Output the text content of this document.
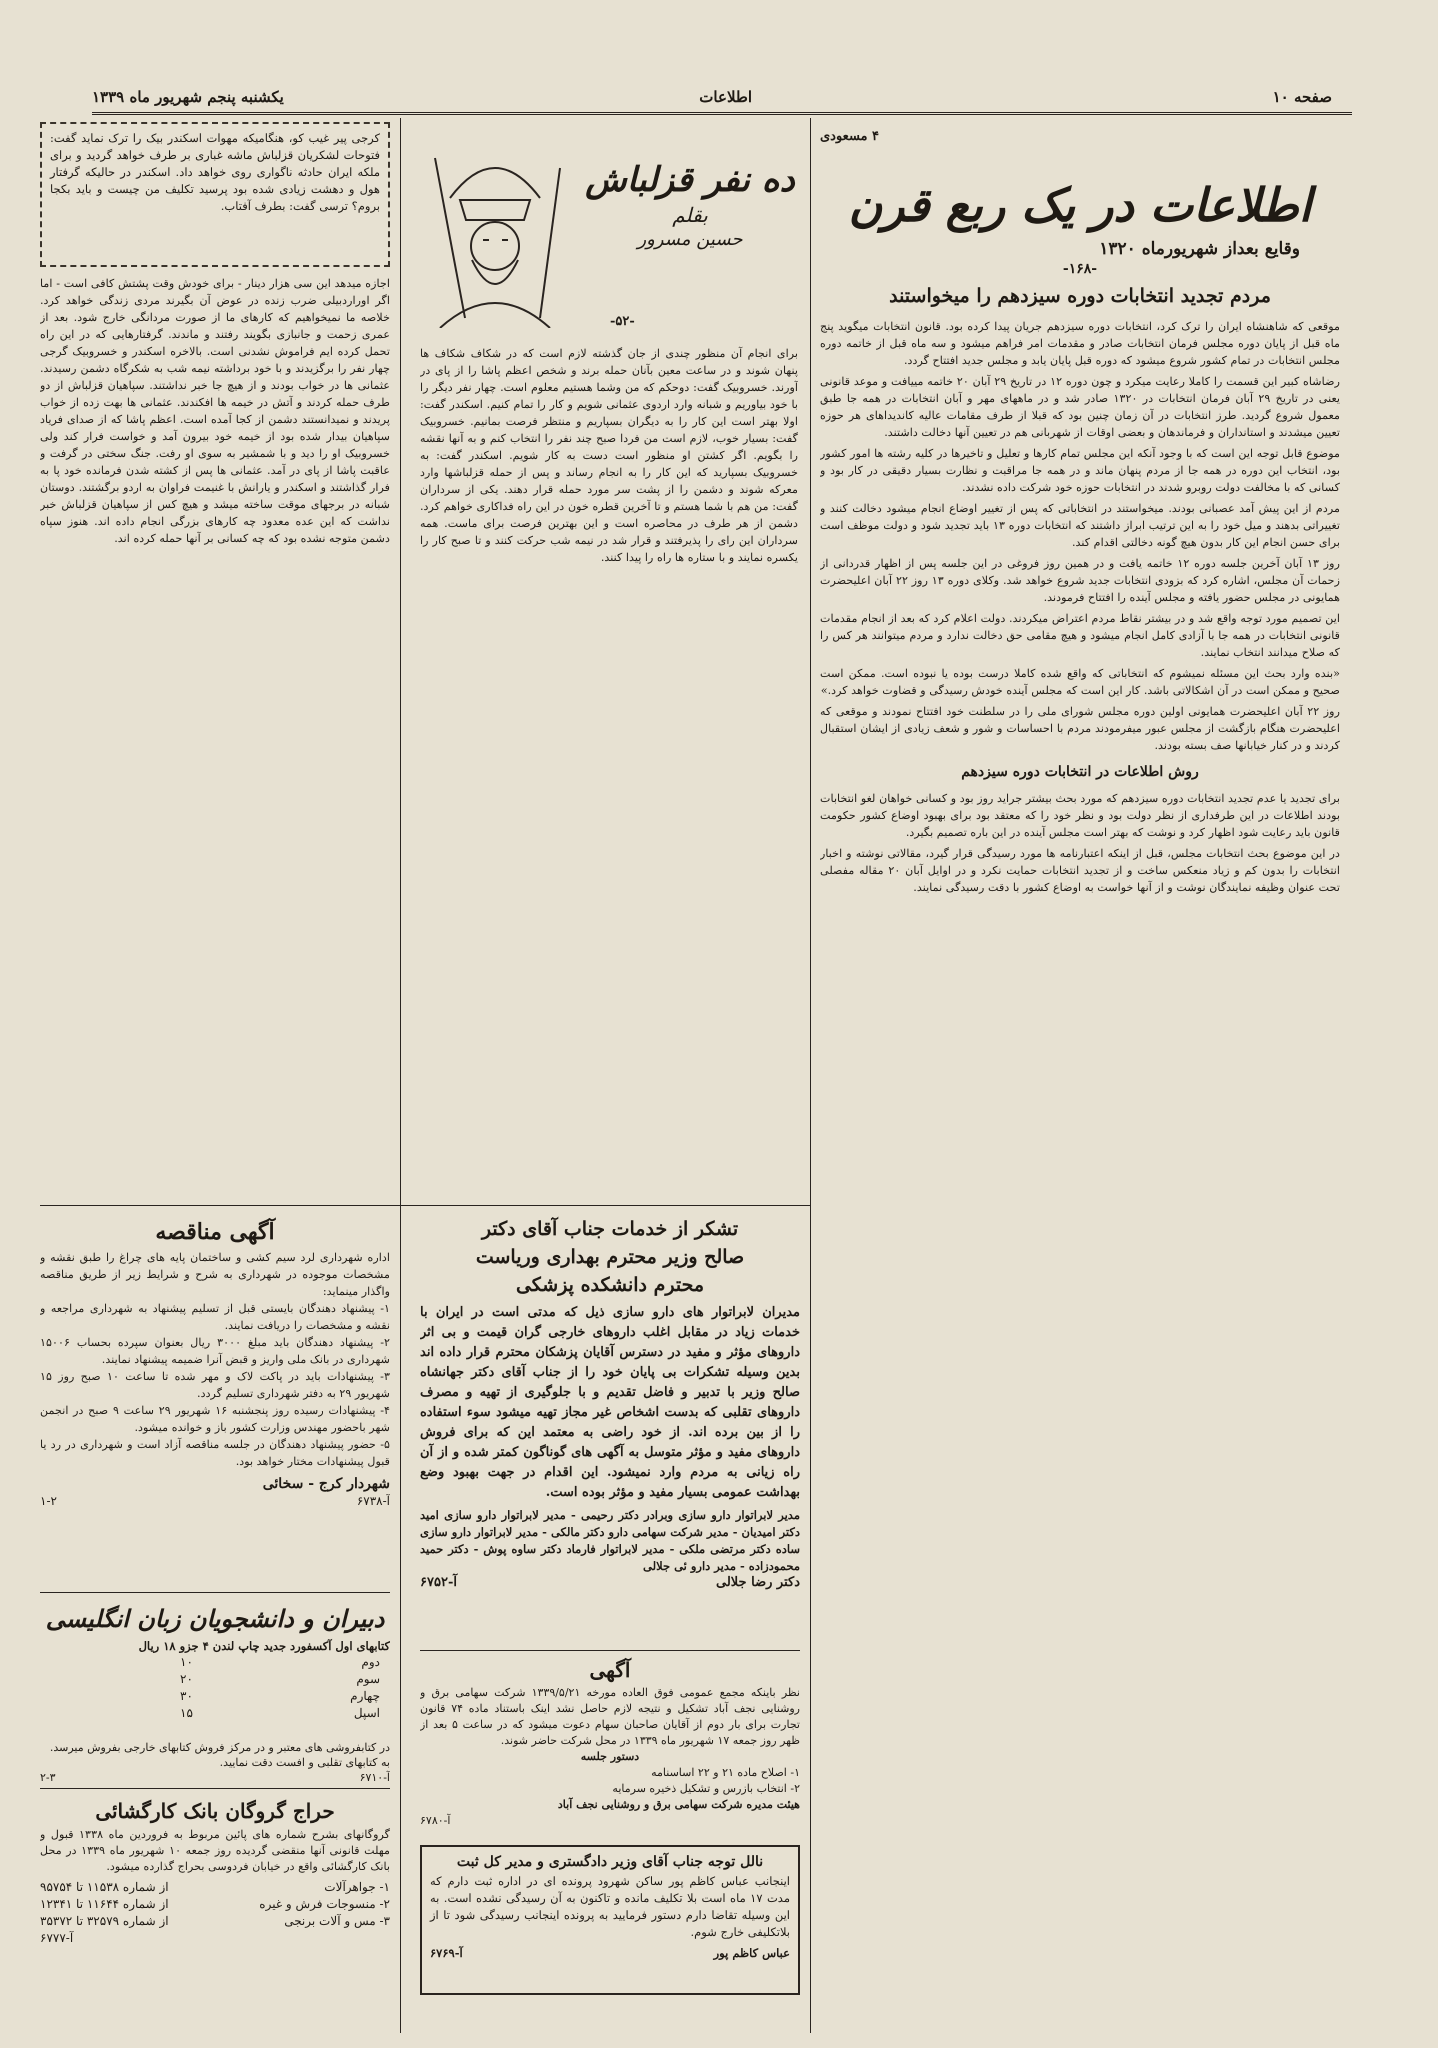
صفحه ۱۰
اطلاعات
یکشنبه پنجم شهریور ماه ۱۳۳۹
۴ مسعودی
اطلاعات در یک ربع قرن
وقایع بعداز شهریورماه ۱۳۲۰
-۱۶۸-
مردم تجدید انتخابات دوره سیزدهم را میخواستند

موقعی که شاهنشاه ایران را ترک کرد، انتخابات دوره سیزدهم جریان پیدا کرده بود. قانون انتخابات میگوید پنج ماه قبل از پایان دوره مجلس فرمان انتخابات صادر و مقدمات امر فراهم میشود و سه ماه قبل از خاتمه دوره مجلس انتخابات در تمام کشور شروع میشود که دوره قبل پایان یابد و مجلس جدید افتتاح گردد.

رضاشاه کبیر این قسمت را کاملا رعایت میکرد و چون دوره ۱۲ در تاریخ ۲۹ آبان ۲۰ خاتمه مییافت و موعد قانونی یعنی در تاریخ ۲۹ آبان فرمان انتخابات در ۱۳۲۰ صادر شد و در ماههای مهر و آبان انتخابات در همه جا طبق معمول شروع گردید. طرز انتخابات در آن زمان چنین بود که قبلا از طرف مقامات عالیه کاندیداهای هر حوزه تعیین میشدند و استانداران و فرماندهان و بعضی اوقات از شهربانی هم در تعیین آنها دخالت داشتند.

موضوع قابل توجه این است که با وجود آنکه این مجلس تمام کارها و تعلیل و تاخیرها در کلیه رشته ها امور کشور بود، انتخاب این دوره در همه جا از مردم پنهان ماند و در همه جا مراقبت و نظارت بسیار دقیقی در کار بود و کسانی که با مخالفت دولت روبرو شدند در انتخابات حوزه خود شرکت داده نشدند.

مردم از این پیش آمد عصبانی بودند. میخواستند در انتخاباتی که پس از تغییر اوضاع انجام میشود دخالت کنند و تغییراتی بدهند و میل خود را به این ترتیب ابراز داشتند که انتخابات دوره ۱۳ باید تجدید شود و دولت موظف است برای حسن انجام این کار بدون هیچ گونه دخالتی اقدام کند.

روز ۱۳ آبان آخرین جلسه دوره ۱۲ خاتمه یافت و در همین روز فروغی در این جلسه پس از اظهار قدردانی از زحمات آن مجلس، اشاره کرد که بزودی انتخابات جدید شروع خواهد شد. وکلای دوره ۱۳ روز ۲۲ آبان اعلیحضرت همایونی در مجلس حضور یافته و مجلس آینده را افتتاح فرمودند.

این تصمیم مورد توجه واقع شد و در بیشتر نقاط مردم اعتراض میکردند. دولت اعلام کرد که بعد از انجام مقدمات قانونی انتخابات در همه جا با آزادی کامل انجام میشود و هیچ مقامی حق دخالت ندارد و مردم میتوانند هر کس را که صلاح میدانند انتخاب نمایند.

«بنده وارد بحث این مسئله نمیشوم که انتخاباتی که واقع شده کاملا درست بوده یا نبوده است. ممکن است صحیح و ممکن است در آن اشکالاتی باشد. کار این است که مجلس آینده خودش رسیدگی و قضاوت خواهد کرد.»

روز ۲۲ آبان اعلیحضرت همایونی اولین دوره مجلس شورای ملی را در سلطنت خود افتتاح نمودند و موقعی که اعلیحضرت هنگام بازگشت از مجلس عبور میفرمودند مردم با احساسات و شور و شعف زیادی از ایشان استقبال کردند و در کنار خیابانها صف بسته بودند.

روش اطلاعات در انتخابات دوره سیزدهم

برای تجدید یا عدم تجدید انتخابات دوره سیزدهم که مورد بحث بیشتر جراید روز بود و کسانی خواهان لغو انتخابات بودند اطلاعات در این طرفداری از نظر دولت بود و نظر خود را که معتقد بود برای بهبود اوضاع کشور حکومت قانون باید رعایت شود اظهار کرد و نوشت که بهتر است مجلس آینده در این باره تصمیم بگیرد.

در این موضوع بحث انتخابات مجلس، قبل از اینکه اعتبارنامه ها مورد رسیدگی قرار گیرد، مقالاتی نوشته و اخبار انتخابات را بدون کم و زیاد منعکس ساخت و از تجدید انتخابات حمایت نکرد و در اوایل آبان ۲۰ مقاله مفصلی تحت عنوان وظیفه نمایندگان نوشت و از آنها خواست به اوضاع کشور با دقت رسیدگی نمایند.

ده نفر قزلباش
بقلم
حسین مسرور
-۵۲-
برای انجام آن منظور چندی از جان گذشته لازم است که در شکاف شکاف ها پنهان شوند و در ساعت معین بآنان حمله برند و شخص اعظم پاشا را از پای در آورند. خسروبیک گفت: دوحکم که من وشما هستیم معلوم است. چهار نفر دیگر را با خود بیاوریم و شبانه وارد اردوی عثمانی شویم و کار را تمام کنیم. اسکندر گفت: اولا بهتر است این کار را به دیگران بسپاریم و منتظر فرصت بمانیم. خسروبیک گفت: بسیار خوب، لازم است من فردا صبح چند نفر را انتخاب کنم و به آنها نقشه را بگویم. اگر کشتن او منظور است دست به کار شویم. اسکندر گفت: به خسروبیک بسپارید که این کار را به انجام رساند و پس از حمله قزلباشها وارد معرکه شوند و دشمن را از پشت سر مورد حمله قرار دهند. یکی از سرداران گفت: من هم با شما هستم و تا آخرین قطره خون در این راه فداکاری خواهم کرد. دشمن از هر طرف در محاصره است و این بهترین فرصت برای ماست. همه سرداران این رای را پذیرفتند و قرار شد در نیمه شب حرکت کنند و تا صبح کار را یکسره نمایند و با ستاره ها راه را پیدا کنند.
کرجی پیر غیب کو، هنگامیکه مهوات اسکندر بیک را ترک نماید گفت: فتوحات لشکریان قزلباش ماشه غباری بر طرف خواهد گردید و برای ملکه ایران حادثه ناگواری روی خواهد داد. اسکندر در حالیکه گرفتار هول و دهشت زیادی شده بود پرسید تکلیف من چیست و باید بکجا بروم؟ ترسی گفت: بطرف آفتاب.
اجازه میدهد این سی هزار دینار - برای خودش وقت پشتش کافی است - اما اگر اوراردبیلی ضرب زنده در عوض آن بگیرند مردی زندگی خواهد کرد. خلاصه ما نمیخواهیم که کارهای ما از صورت مردانگی خارج شود. بعد از عمری زحمت و جانبازی بگویند رفتند و ماندند. گرفتارهایی که در این راه تحمل کرده ایم فراموش نشدنی است. بالاخره اسکندر و خسروبیک گرجی چهار نفر را برگزیدند و با خود برداشته نیمه شب به شکرگاه دشمن رسیدند. عثمانی ها در خواب بودند و از هیچ جا خبر نداشتند. سپاهیان قزلباش از دو طرف حمله کردند و آتش در خیمه ها افکندند. عثمانی ها بهت زده از خواب پریدند و نمیدانستند دشمن از کجا آمده است. اعظم پاشا که از صدای فریاد سپاهیان بیدار شده بود از خیمه خود بیرون آمد و خواست فرار کند ولی خسروبیک او را دید و با شمشیر به سوی او رفت. جنگ سختی در گرفت و عاقبت پاشا از پای در آمد. عثمانی ها پس از کشته شدن فرمانده خود پا به فرار گذاشتند و اسکندر و یارانش با غنیمت فراوان به اردو برگشتند. دوستان شبانه در برجهای موقت ساخته میشد و هیچ کس از سپاهیان قزلباش خبر نداشت که این عده معدود چه کارهای بزرگی انجام داده اند. هنوز سپاه دشمن متوجه نشده بود که چه کسانی بر آنها حمله کرده اند.
آگهی مناقصه
اداره شهرداری لرد سیم کشی و ساختمان پایه های چراغ را طبق نقشه و مشخصات موجوده در شهرداری به شرح و شرایط زیر از طریق مناقصه واگذار مینماید:
۱- پیشنهاد دهندگان بایستی قبل از تسلیم پیشنهاد به شهرداری مراجعه و نقشه و مشخصات را دریافت نمایند.
۲- پیشنهاد دهندگان باید مبلغ ۳۰۰۰ ریال بعنوان سپرده بحساب ۱۵۰۰۶ شهرداری در بانک ملی واریز و قبض آنرا ضمیمه پیشنهاد نمایند.
۳- پیشنهادات باید در پاکت لاک و مهر شده تا ساعت ۱۰ صبح روز ۱۵ شهریور ۲۹ به دفتر شهرداری تسلیم گردد.
۴- پیشنهادات رسیده روز پنجشنبه ۱۶ شهریور ۲۹ ساعت ۹ صبح در انجمن شهر باحضور مهندس وزارت کشور باز و خوانده میشود.
۵- حضور پیشنهاد دهندگان در جلسه مناقصه آزاد است و شهرداری در رد یا قبول پیشنهادات مختار خواهد بود.
شهردار کرج - سخائی
آ-۶۷۳۸
۱-۲
تشکر از خدمات جناب آقای دکتر
صالح وزیر محترم بهداری وریاست
محترم دانشکده پزشکی
مدیران لابراتوار های دارو سازی ذیل که مدتی است در ایران با خدمات زیاد در مقابل اغلب داروهای خارجی گران قیمت و بی اثر داروهای مؤثر و مفید در دسترس آقایان پزشکان محترم قرار داده اند بدین وسیله تشکرات بی پایان خود را از جناب آقای دکتر جهانشاه صالح وزیر با تدبیر و فاضل تقدیم و با جلوگیری از تهیه و مصرف داروهای تقلبی که بدست اشخاص غیر مجاز تهیه میشود سوء استفاده را از بین برده اند. از خود راضی به معتمد این که برای فروش داروهای مفید و مؤثر متوسل به آگهی های گوناگون کمتر شده و از آن راه زیانی به مردم وارد نمیشود. این اقدام در جهت بهبود وضع بهداشت عمومی بسیار مفید و مؤثر بوده است.
مدیر لابراتوار دارو سازی وبرادر دکتر رحیمی - مدیر لابراتوار دارو سازی امید دکتر امیدیان - مدیر شرکت سهامی دارو دکتر مالکی - مدیر لابراتوار دارو سازی ساده دکتر مرتضی ملکی - مدیر لابراتوار فارماد دکتر ساوه پوش - دکتر حمید محمودزاده - مدیر دارو ئی جلالی
دکتر رضا جلالی
آ-۶۷۵۲
دبیران و دانشجویان زبان انگلیسی
کتابهای اول آکسفورد جدید چاپ لندن ۴ جزو ۱۸ ریال
دوم
۱۰
سوم
۲۰
چهارم
۳۰
اسپل
۱۵
در کتابفروشی های معتبر و در مرکز فروش کتابهای خارجی بفروش میرسد. به کتابهای تقلبی و افست دقت نمایید.
آ-۶۷۱۰
۲-۳
حراج گروگان بانک کارگشائی
گروگانهای بشرح شماره های پائین مربوط به فروردین ماه ۱۳۳۸ قبول و مهلت قانونی آنها منقضی گردیده روز جمعه ۱۰ شهریور ماه ۱۳۳۹ در محل بانک کارگشائی واقع در خیابان فردوسی بحراج گذارده میشود.
۱- جواهرآلات
از شماره ۱۱۵۳۸ تا ۹۵۷۵۴
۲- منسوجات فرش و غیره
از شماره ۱۱۶۴۴ تا ۱۲۳۴۱
۳- مس و آلات برنجی
از شماره ۳۲۵۷۹ تا ۳۵۳۷۲
آ-۶۷۷۷
آگهی
نظر باینکه مجمع عمومی فوق العاده مورخه ۱۳۳۹/۵/۲۱ شرکت سهامی برق و روشنایی نجف آباد تشکیل و نتیجه لازم حاصل نشد اینک باستناد ماده ۷۴ قانون تجارت برای بار دوم از آقایان صاحبان سهام دعوت میشود که در ساعت ۵ بعد از ظهر روز جمعه ۱۷ شهریور ماه ۱۳۳۹ در محل شرکت حاضر شوند.
دستور جلسه
۱- اصلاح ماده ۲۱ و ۲۲ اساسنامه
۲- انتخاب بازرس و تشکیل ذخیره سرمایه
هیئت مدیره شرکت سهامی برق و روشنایی نجف آباد
آ-۶۷۸۰
نالل توجه جناب آقای وزیر دادگستری و مدیر کل ثبت
اینجانب عباس کاظم پور ساکن شهرود پرونده ای در اداره ثبت دارم که مدت ۱۷ ماه است بلا تکلیف مانده و تاکنون به آن رسیدگی نشده است. به این وسیله تقاضا دارم دستور فرمایید به پرونده اینجانب رسیدگی شود تا از بلاتکلیفی خارج شوم.
عباس کاظم پور
آ-۶۷۶۹
